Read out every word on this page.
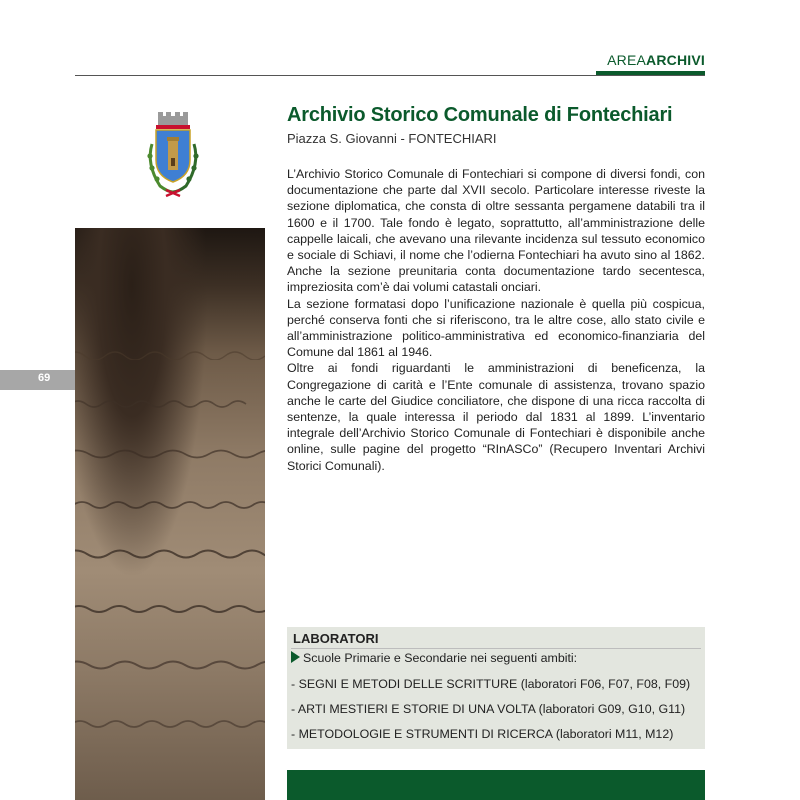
AREAARCHIVI
69
Archivio Storico Comunale di Fontechiari

Piazza S. Giovanni - FONTECHIARI

L’Archivio Storico Comunale di Fontechiari si compone di diversi fondi, con documentazione che parte dal XVII secolo. Particolare interesse riveste la sezione diplomatica, che consta di oltre sessanta pergamene databili tra il 1600 e il 1700. Tale fondo è legato, soprattutto, all’amministrazione delle cappelle laicali, che avevano una rilevante incidenza sul tessuto economico e sociale di Schiavi, il nome che l’odierna Fontechiari ha avuto sino al 1862. Anche la sezione preunitaria conta documentazione tardo secentesca, impreziosita com’è dai volumi catastali onciari.

La sezione formatasi dopo l’unificazione nazionale è quella più cospicua, perché conserva fonti che si riferiscono, tra le altre cose, allo stato civile e all’amministrazione politico-amministrativa ed economico-finanziaria del Comune dal 1861 al 1946.

Oltre ai fondi riguardanti le amministrazioni di beneficenza, la Congregazione di carità e l’Ente comunale di assistenza, trovano spazio anche le carte del Giudice conciliatore, che dispone di una ricca raccolta di sentenze, la quale interessa il periodo dal 1831 al 1899. L’inventario integrale dell’Archivio Storico Comunale di Fontechiari è disponibile anche online, sulle pagine del progetto “RInASCo” (Recupero Inventari Archivi Storici Comunali).

LABORATORI
Scuole Primarie e Secondarie nei seguenti ambiti:
- SEGNI E METODI DELLE SCRITTURE (laboratori F06, F07, F08, F09)
- ARTI MESTIERI E STORIE DI UNA VOLTA (laboratori G09, G10, G11)
- METODOLOGIE E STRUMENTI DI RICERCA (laboratori M11, M12)
